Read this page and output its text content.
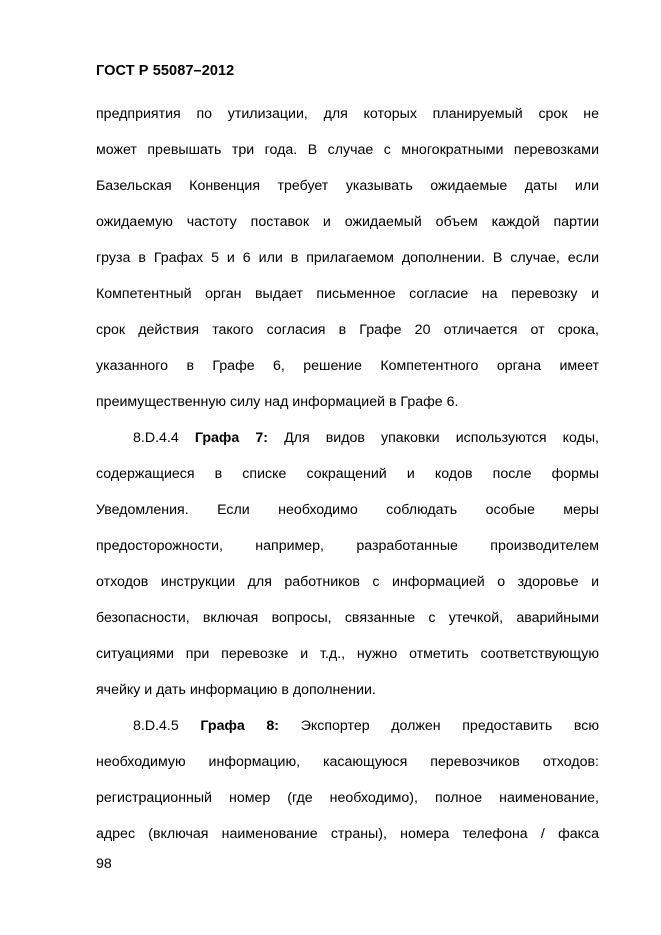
ГОСТ Р 55087–2012
предприятия по утилизации, для которых планируемый срок не
может превышать три года. В случае с многократными перевозками
Базельская Конвенция требует указывать ожидаемые даты или
ожидаемую частоту поставок и ожидаемый объем каждой партии
груза в Графах 5 и 6 или в прилагаемом дополнении. В случае, если
Компетентный орган выдает письменное согласие на перевозку и
срок действия такого согласия в Графе 20 отличается от срока,
указанного в Графе 6, решение Компетентного органа имеет
преимущественную силу над информацией в Графе 6.
8.D.4.4 Графа 7: Для видов упаковки используются коды,
содержащиеся в списке сокращений и кодов после формы
Уведомления. Если необходимо соблюдать особые меры
предосторожности, например, разработанные производителем
отходов инструкции для работников с информацией о здоровье и
безопасности, включая вопросы, связанные с утечкой, аварийными
ситуациями при перевозке и т.д., нужно отметить соответствующую
ячейку и дать информацию в дополнении.
8.D.4.5 Графа 8: Экспортер должен предоставить всю
необходимую информацию, касающуюся перевозчиков отходов:
регистрационный номер (где необходимо), полное наименование,
адрес (включая наименование страны), номера телефона / факса
98
